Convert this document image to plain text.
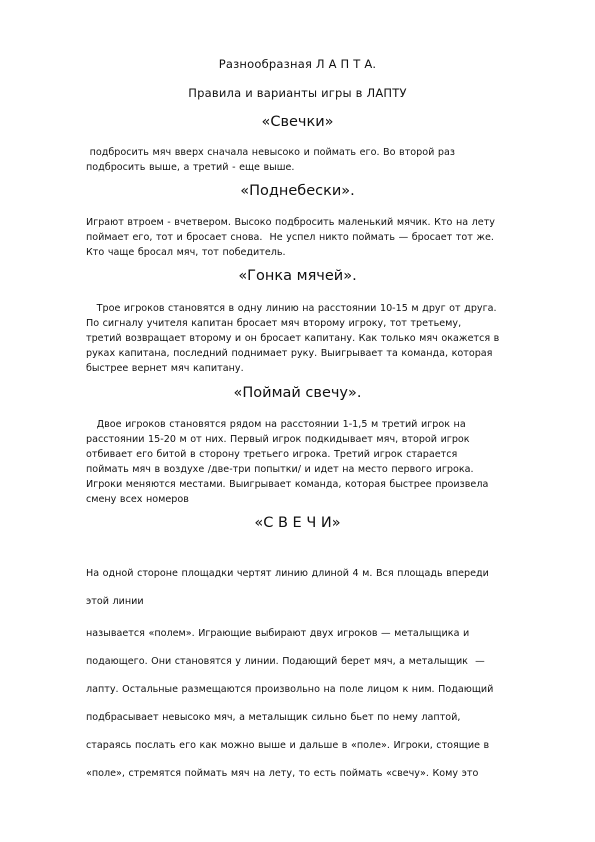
Разнообразная Л А П Т А.
Правила и варианты игры в ЛАПТУ
«Свечки»

подбросить мяч вверх сначала невысоко и поймать его. Во второй раз
подбросить выше, а третий - еще выше.

«Поднебески».

Играют втроем - вчетвером. Высоко подбросить маленький мячик. Кто на лету
поймает его, тот и бросает снова.  Не успел никто поймать — бросает тот же.
Кто чаще бросал мяч, тот победитель.

«Гонка мячей».

Трое игроков становятся в одну линию на расстоянии 10-15 м друг от друга.
По сигналу учителя капитан бросает мяч второму игроку, тот третьему,
третий возвращает второму и он бросает капитану. Как только мяч окажется в
руках капитана, последний поднимает руку. Выигрывает та команда, которая
быстрее вернет мяч капитану.

«Поймай свечу».

Двое игроков становятся рядом на расстоянии 1-1,5 м третий игрок на
расстоянии 15-20 м от них. Первый игрок подкидывает мяч, второй игрок
отбивает его битой в сторону третьего игрока. Третий игрок старается
поймать мяч в воздухе /две-три попытки/ и идет на место первого игрока.
Игроки меняются местами. Выигрывает команда, которая быстрее произвела
смену всех номеров

«С В Е Ч И»

На одной стороне площадки чертят линию длиной 4 м. Вся площадь впереди
этой линии

называется «полем». Играющие выбирают двух игроков — металыщика и
подающего. Они становятся у линии. Подающий берет мяч, а металыщик  —
лапту. Остальные размещаются произвольно на поле лицом к ним. Подающий
подбрасывает невысоко мяч, а металыщик сильно бьет по нему лаптой,
стараясь послать его как можно выше и дальше в «поле». Игроки, стоящие в
«поле», стремятся поймать мяч на лету, то есть поймать «свечу». Кому это
